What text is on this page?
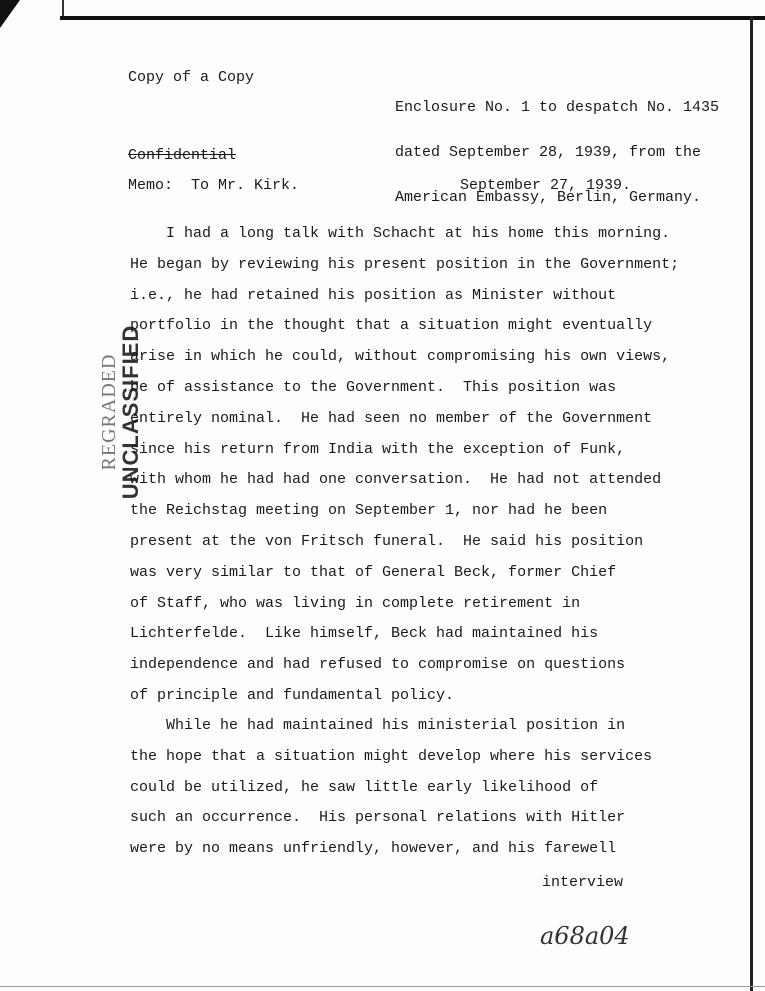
Copy of a Copy

Enclosure No. 1 to despatch No. 1435

dated September 28, 1939, from the

American Embassy, Berlin, Germany.

Confidential
Memo:  To Mr. Kirk.	September 27, 1939.
REGRADED
UNCLASSIFIED
I had a long talk with Schacht at his home this morning.
He began by reviewing his present position in the Government;
i.e., he had retained his position as Minister without
portfolio in the thought that a situation might eventually
arise in which he could, without compromising his own views,
be of assistance to the Government.  This position was
entirely nominal.  He had seen no member of the Government
since his return from India with the exception of Funk,
with whom he had had one conversation.  He had not attended
the Reichstag meeting on September 1, nor had he been
present at the von Fritsch funeral.  He said his position
was very similar to that of General Beck, former Chief
of Staff, who was living in complete retirement in
Lichterfelde.  Like himself, Beck had maintained his
independence and had refused to compromise on questions
of principle and fundamental policy.
While he had maintained his ministerial position in
the hope that a situation might develop where his services
could be utilized, he saw little early likelihood of
such an occurrence.  His personal relations with Hitler
were by no means unfriendly, however, and his farewell
interview
a68a04
